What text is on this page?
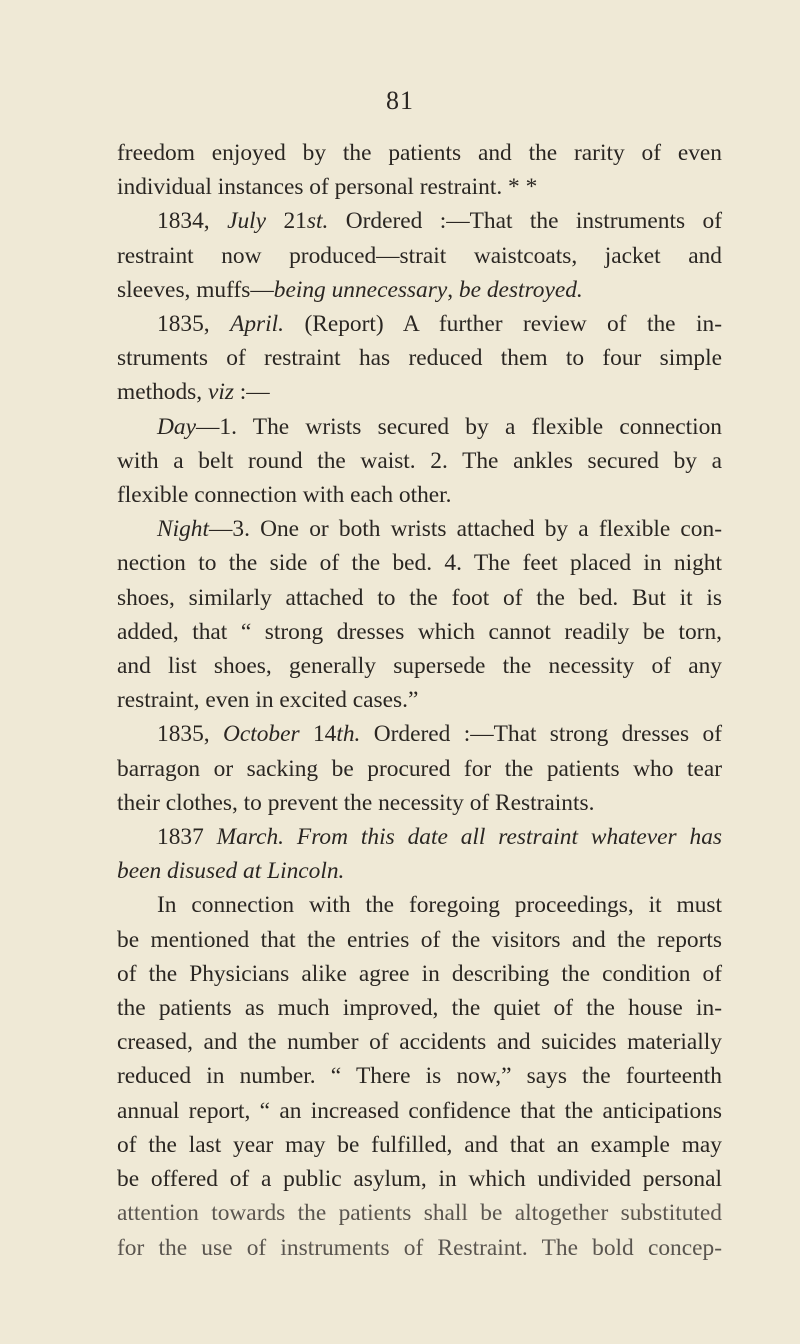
81
freedom enjoyed by the patients and the rarity of even
individual instances of personal restraint. * *
1834, July 21st. Ordered :—That the instruments of
restraint now produced—strait waistcoats, jacket and
sleeves, muffs—being unnecessary, be destroyed.
1835, April. (Report) A further review of the in-
struments of restraint has reduced them to four simple
methods, viz :—
Day—1. The wrists secured by a flexible connection
with a belt round the waist. 2. The ankles secured by a
flexible connection with each other.
Night—3. One or both wrists attached by a flexible con-
nection to the side of the bed. 4. The feet placed in night
shoes, similarly attached to the foot of the bed. But it is
added, that “ strong dresses which cannot readily be torn,
and list shoes, generally supersede the necessity of any
restraint, even in excited cases.”
1835, October 14th. Ordered :—That strong dresses of
barragon or sacking be procured for the patients who tear
their clothes, to prevent the necessity of Restraints.
1837 March. From this date all restraint whatever has
been disused at Lincoln.
In connection with the foregoing proceedings, it must
be mentioned that the entries of the visitors and the reports
of the Physicians alike agree in describing the condition of
the patients as much improved, the quiet of the house in-
creased, and the number of accidents and suicides materially
reduced in number. “ There is now,” says the fourteenth
annual report, “ an increased confidence that the anticipations
of the last year may be fulfilled, and that an example may
be offered of a public asylum, in which undivided personal
attention towards the patients shall be altogether substituted
for the use of instruments of Restraint. The bold concep-
